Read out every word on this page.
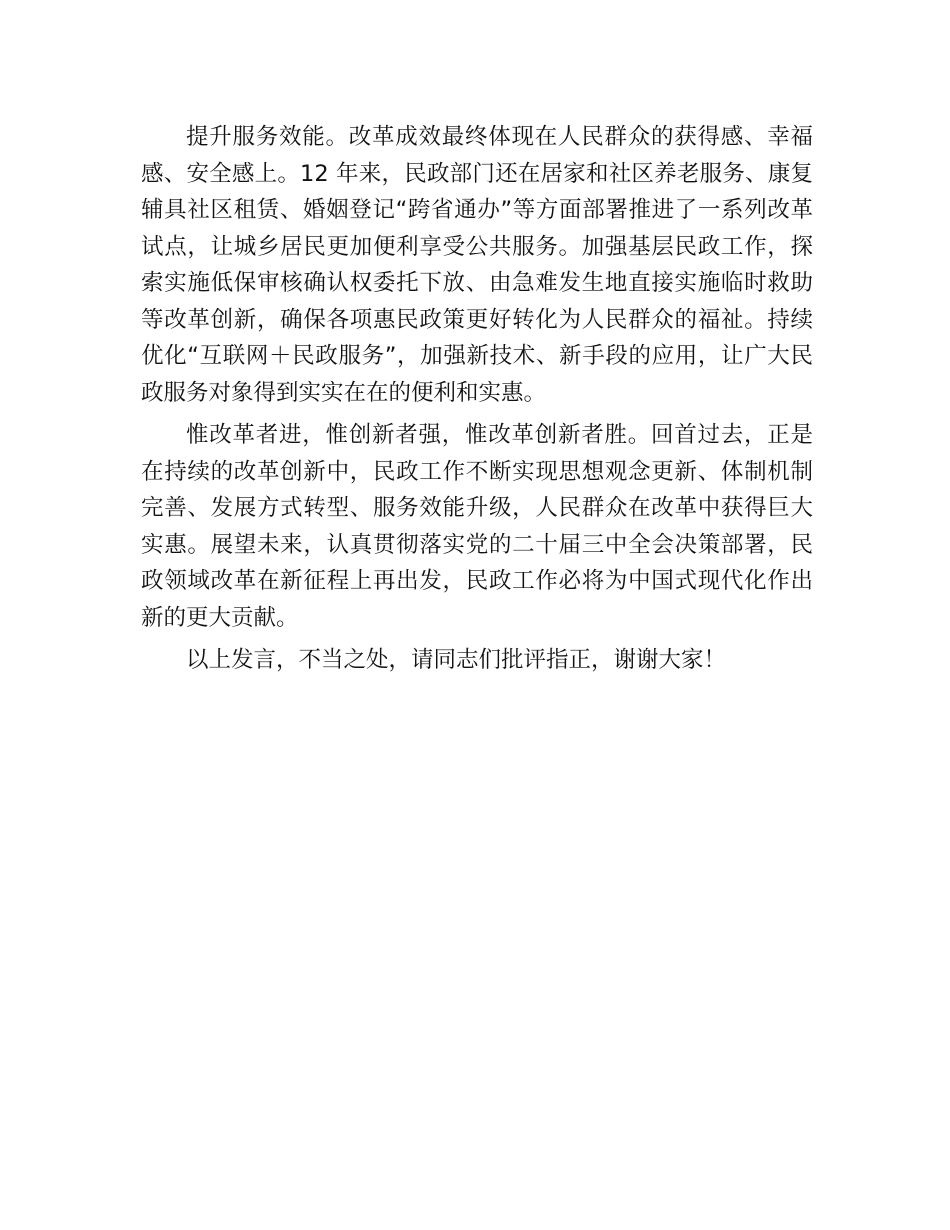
提升服务效能。改革成效最终体现在人民群众的获得感、幸福感、安全感上。12 年来，民政部门还在居家和社区养老服务、康复辅具社区租赁、婚姻登记“跨省通办”等方面部署推进了一系列改革试点，让城乡居民更加便利享受公共服务。加强基层民政工作，探索实施低保审核确认权委托下放、由急难发生地直接实施临时救助等改革创新，确保各项惠民政策更好转化为人民群众的福祉。持续优化“互联网＋民政服务”，加强新技术、新手段的应用，让广大民政服务对象得到实实在在的便利和实惠。

惟改革者进，惟创新者强，惟改革创新者胜。回首过去，正是在持续的改革创新中，民政工作不断实现思想观念更新、体制机制完善、发展方式转型、服务效能升级，人民群众在改革中获得巨大实惠。展望未来，认真贯彻落实党的二十届三中全会决策部署，民政领域改革在新征程上再出发，民政工作必将为中国式现代化作出新的更大贡献。

以上发言，不当之处，请同志们批评指正，谢谢大家！
